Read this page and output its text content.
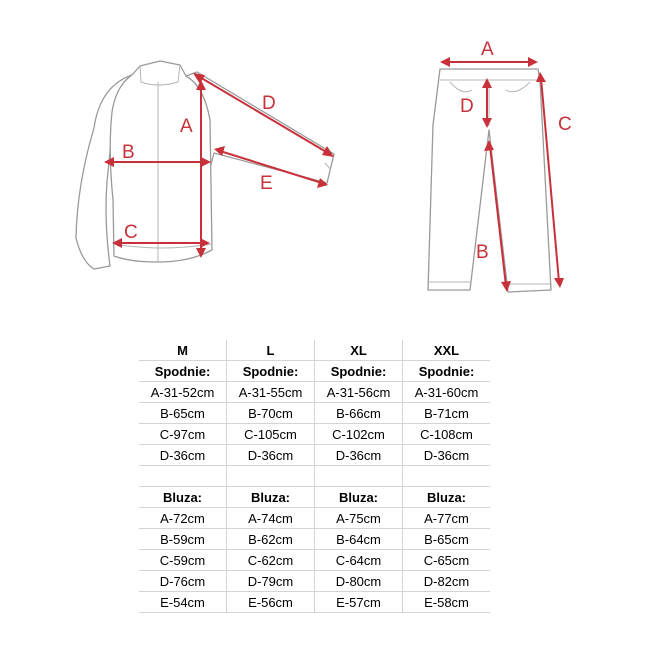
A
B
C
D
E
A
B
C
D
M	L	XL	XXL
Spodnie:	Spodnie:	Spodnie:	Spodnie:
A-31-52cm	A-31-55cm	A-31-56cm	A-31-60cm
B-65cm	B-70cm	B-66cm	B-71cm
C-97cm	C-105cm	C-102cm	C-108cm
D-36cm	D-36cm	D-36cm	D-36cm

Bluza:	Bluza:	Bluza:	Bluza:
A-72cm	A-74cm	A-75cm	A-77cm
B-59cm	B-62cm	B-64cm	B-65cm
C-59cm	C-62cm	C-64cm	C-65cm
D-76cm	D-79cm	D-80cm	D-82cm
E-54cm	E-56cm	E-57cm	E-58cm
